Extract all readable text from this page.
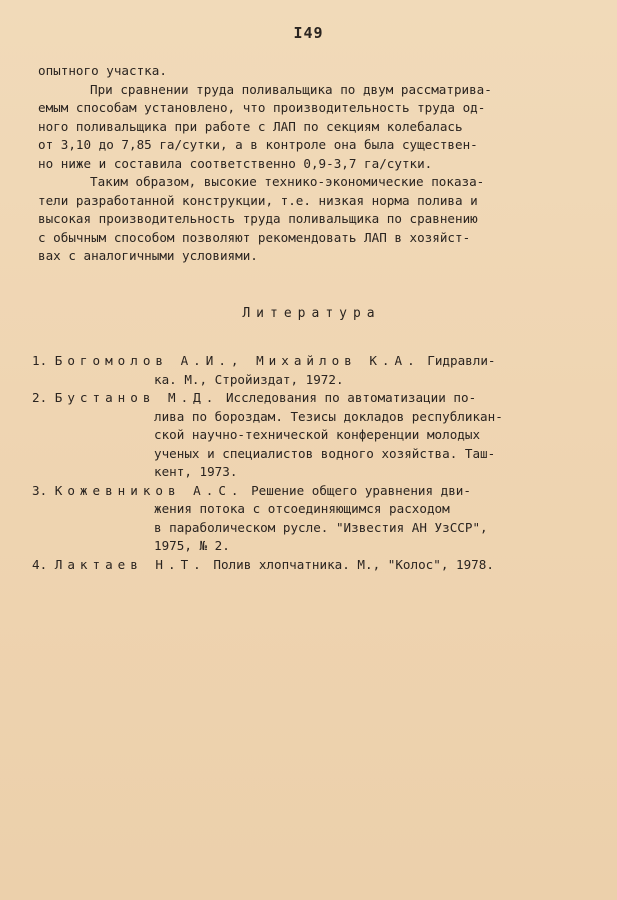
I49
опытного участка.
При сравнении труда поливальщика по двум рассматрива-
емым способам установлено, что производительность труда од-
ного поливальщика при работе с ЛАП по секциям колебалась
от 3,10 до 7,85 га/сутки, а в контроле она была существен-
но ниже и составила соответственно 0,9-3,7 га/сутки.
Таким образом, высокие технико-экономические показа-
тели разработанной конструкции, т.е. низкая норма полива и
высокая производительность труда поливальщика по сравнению
с обычным способом позволяют рекомендовать ЛАП в хозяйст-
вах с аналогичными условиями.
Литература
1. Богомолов А.И., Михайлов К.А. Гидравли-
ка. М., Стройиздат, 1972.
2. Бустанов М.Д. Исследования по автоматизации по-
лива по бороздам. Тезисы докладов республикан-
ской научно-технической конференции молодых
ученых и специалистов водного хозяйства. Таш-
кент, 1973.
3. Кожевников А.С. Решение общего уравнения дви-
жения потока с отсоединяющимся расходом
в параболическом русле. "Известия АН УзССР",
1975, № 2.
4. Лактаев Н.Т. Полив хлопчатника. М., "Колос", 1978.
